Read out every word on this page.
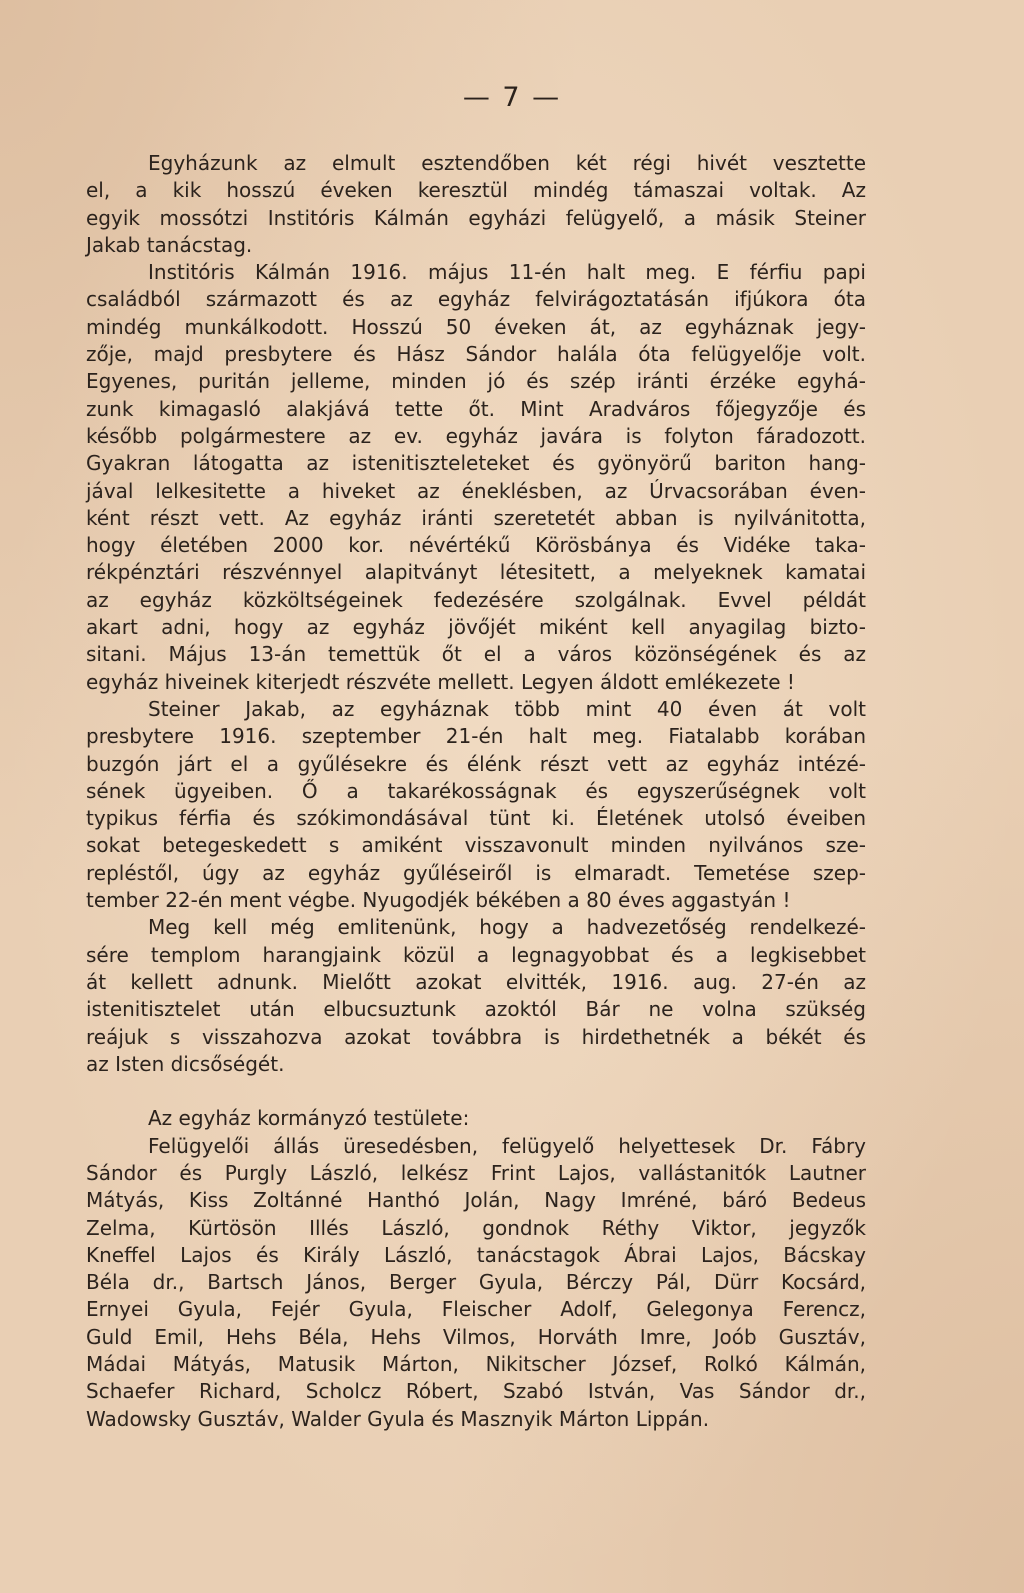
— 7 —
Egyházunk az elmult esztendőben két régi hivét vesztette
el, a kik hosszú éveken keresztül mindég támaszai voltak. Az
egyik mossótzi Institóris Kálmán egyházi felügyelő, a másik Steiner
Jakab tanácstag.
Institóris Kálmán 1916. május 11-én halt meg. E férfiu papi
családból származott és az egyház felvirágoztatásán ifjúkora óta
mindég munkálkodott. Hosszú 50 éveken át, az egyháznak jegy-
zője, majd presbytere és Hász Sándor halála óta felügyelője volt.
Egyenes, puritán jelleme, minden jó és szép iránti érzéke egyhá-
zunk kimagasló alakjává tette őt. Mint Aradváros főjegyzője és
később polgármestere az ev. egyház javára is folyton fáradozott.
Gyakran látogatta az istenitiszteleteket és gyönyörű bariton hang-
jával lelkesitette a hiveket az éneklésben, az Úrvacsorában éven-
ként részt vett. Az egyház iránti szeretetét abban is nyilvánitotta,
hogy életében 2000 kor. névértékű Körösbánya és Vidéke taka-
rékpénztári részvénnyel alapitványt létesitett, a melyeknek kamatai
az egyház közköltségeinek fedezésére szolgálnak. Evvel példát
akart adni, hogy az egyház jövőjét miként kell anyagilag bizto-
sitani. Május 13-án temettük őt el a város közönségének és az
egyház hiveinek kiterjedt részvéte mellett. Legyen áldott emlékezete !
Steiner Jakab, az egyháznak több mint 40 éven át volt
presbytere 1916. szeptember 21-én halt meg. Fiatalabb korában
buzgón járt el a gyűlésekre és élénk részt vett az egyház intézé-
sének ügyeiben. Ő a takarékosságnak és egyszerűségnek volt
typikus férfia és szókimondásával tünt ki. Életének utolsó éveiben
sokat betegeskedett s amiként visszavonult minden nyilvános sze-
repléstől, úgy az egyház gyűléseiről is elmaradt. Temetése szep-
tember 22-én ment végbe. Nyugodjék békében a 80 éves aggastyán !
Meg kell még emlitenünk, hogy a hadvezetőség rendelkezé-
sére templom harangjaink közül a legnagyobbat és a legkisebbet
át kellett adnunk. Mielőtt azokat elvitték, 1916. aug. 27-én az
istenitisztelet után elbucsuztunk azoktól Bár ne volna szükség
reájuk s visszahozva azokat továbbra is hirdethetnék a békét és
az Isten dicsőségét.
Az egyház kormányzó testülete:
Felügyelői állás üresedésben, felügyelő helyettesek Dr. Fábry
Sándor és Purgly László, lelkész Frint Lajos, vallástanitók Lautner
Mátyás, Kiss Zoltánné Hanthó Jolán, Nagy Imréné, báró Bedeus
Zelma, Kürtösön Illés László, gondnok Réthy Viktor, jegyzők
Kneffel Lajos és Király László, tanácstagok Ábrai Lajos, Bácskay
Béla dr., Bartsch János, Berger Gyula, Bérczy Pál, Dürr Kocsárd,
Ernyei Gyula, Fejér Gyula, Fleischer Adolf, Gelegonya Ferencz,
Guld Emil, Hehs Béla, Hehs Vilmos, Horváth Imre, Joób Gusztáv,
Mádai Mátyás, Matusik Márton, Nikitscher József, Rolkó Kálmán,
Schaefer Richard, Scholcz Róbert, Szabó István, Vas Sándor dr.,
Wadowsky Gusztáv, Walder Gyula és Masznyik Márton Lippán.
